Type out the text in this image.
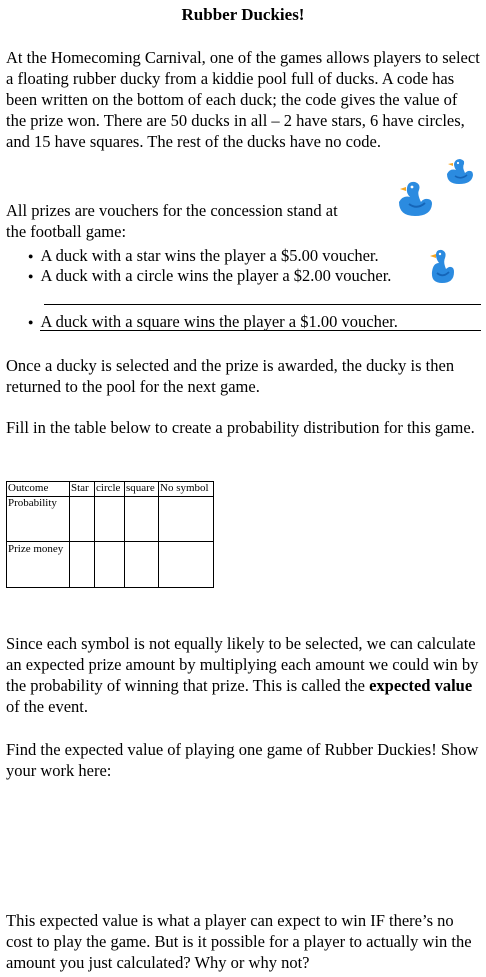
Rubber Duckies!
At the Homecoming Carnival, one of the games allows players to select a floating rubber ducky from a kiddie pool full of ducks. A code has been written on the bottom of each duck; the code gives the value of the prize won. There are 50 ducks in all – 2 have stars, 6 have circles, and 15 have squares. The rest of the ducks have no code.
All prizes are vouchers for the concession stand at
the football game:
● A duck with a star wins the player a $5.00 voucher.
● A duck with a circle wins the player a $2.00 voucher.
● A duck with a square wins the player a $1.00 voucher.
Once a ducky is selected and the prize is awarded, the ducky is then returned to the pool for the next game.
Fill in the table below to create a probability distribution for this game.
Outcome	Star	circle	square	No symbol
Probability				
Prize money				
Since each symbol is not equally likely to be selected, we can calculate an expected prize amount by multiplying each amount we could win by the probability of winning that prize. This is called the expected value of the event.
Find the expected value of playing one game of Rubber Duckies! Show your work here:
This expected value is what a player can expect to win IF there’s no cost to play the game. But is it possible for a player to actually win the amount you just calculated? Why or why not?
